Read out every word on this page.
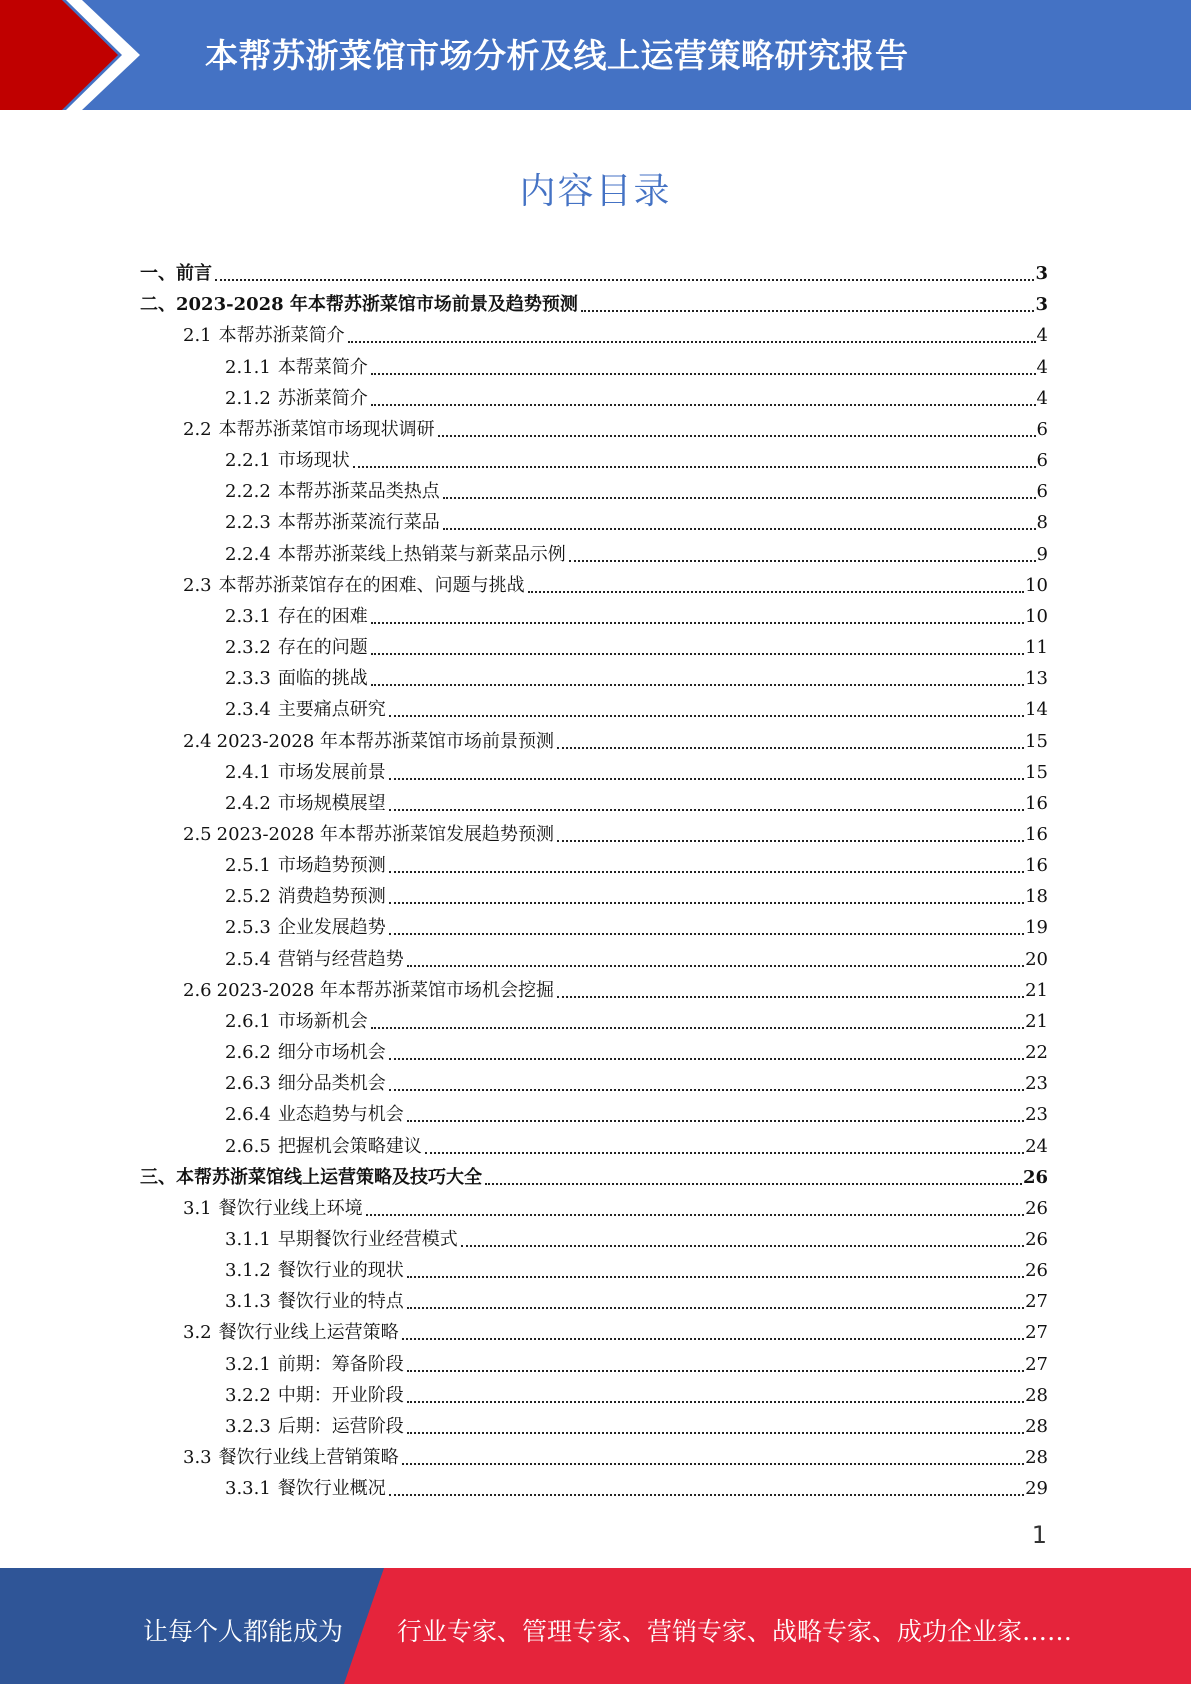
本帮苏浙菜馆市场分析及线上运营策略研究报告
内容目录
一、前言	3
二、2023-2028 年本帮苏浙菜馆市场前景及趋势预测	3
2.1 本帮苏浙菜简介	4
2.1.1 本帮菜简介	4
2.1.2 苏浙菜简介	4
2.2 本帮苏浙菜馆市场现状调研	6
2.2.1 市场现状	6
2.2.2 本帮苏浙菜品类热点	6
2.2.3 本帮苏浙菜流行菜品	8
2.2.4 本帮苏浙菜线上热销菜与新菜品示例	9
2.3 本帮苏浙菜馆存在的困难、问题与挑战	10
2.3.1 存在的困难	10
2.3.2 存在的问题	11
2.3.3 面临的挑战	13
2.3.4 主要痛点研究	14
2.4 2023-2028 年本帮苏浙菜馆市场前景预测	15
2.4.1 市场发展前景	15
2.4.2 市场规模展望	16
2.5 2023-2028 年本帮苏浙菜馆发展趋势预测	16
2.5.1 市场趋势预测	16
2.5.2 消费趋势预测	18
2.5.3 企业发展趋势	19
2.5.4 营销与经营趋势	20
2.6 2023-2028 年本帮苏浙菜馆市场机会挖掘	21
2.6.1 市场新机会	21
2.6.2 细分市场机会	22
2.6.3 细分品类机会	23
2.6.4 业态趋势与机会	23
2.6.5 把握机会策略建议	24
三、本帮苏浙菜馆线上运营策略及技巧大全	26
3.1 餐饮行业线上环境	26
3.1.1 早期餐饮行业经营模式	26
3.1.2 餐饮行业的现状	26
3.1.3 餐饮行业的特点	27
3.2 餐饮行业线上运营策略	27
3.2.1 前期：筹备阶段	27
3.2.2 中期：开业阶段	28
3.2.3 后期：运营阶段	28
3.3 餐饮行业线上营销策略	28
3.3.1 餐饮行业概况	29
1
让每个人都能成为 行业专家、管理专家、营销专家、战略专家、成功企业家……
